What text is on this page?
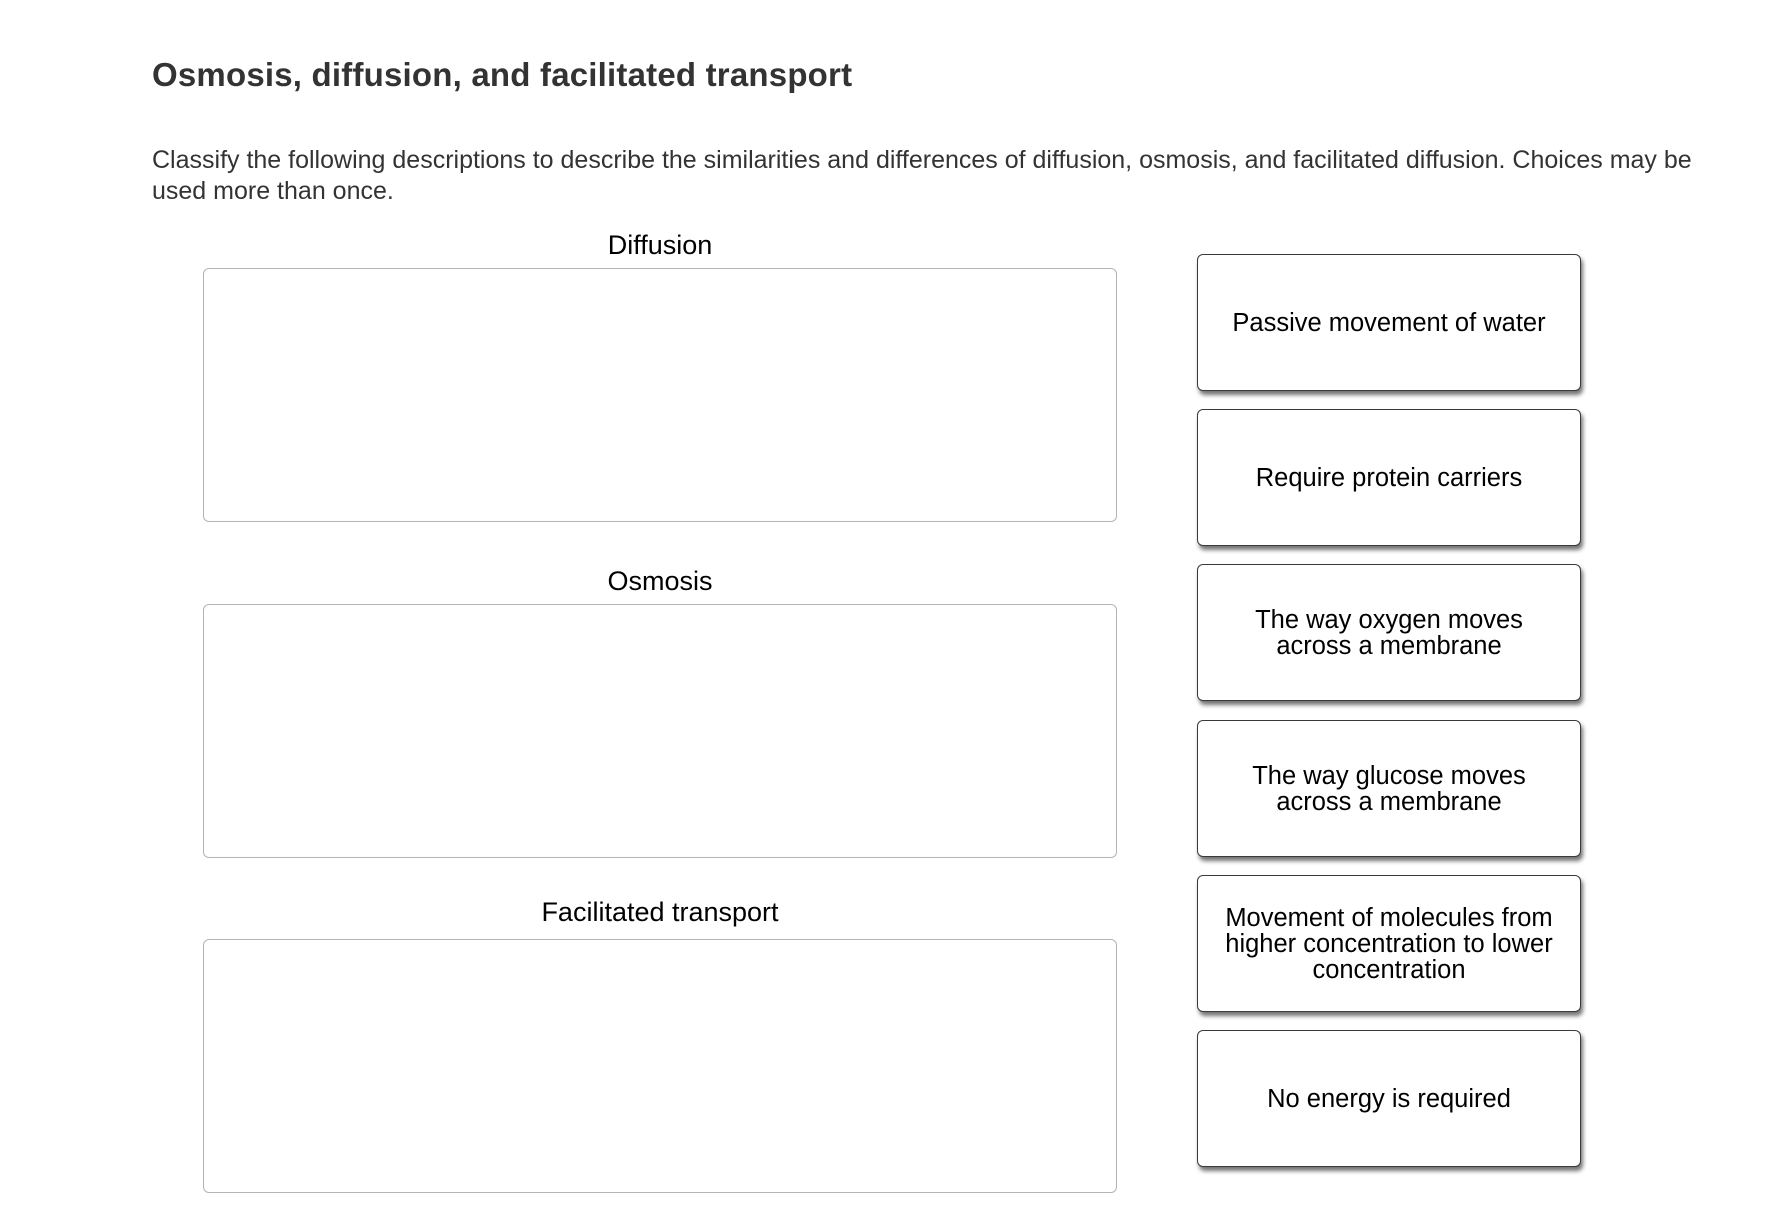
Osmosis, diffusion, and facilitated transport
Classify the following descriptions to describe the similarities and differences of diffusion, osmosis, and facilitated diffusion. Choices may be used more than once.
Diffusion
Osmosis
Facilitated transport
Passive movement of water
Require protein carriers
The way oxygen moves across a membrane
The way glucose moves across a membrane
Movement of molecules from higher concentration to lower concentration
No energy is required
